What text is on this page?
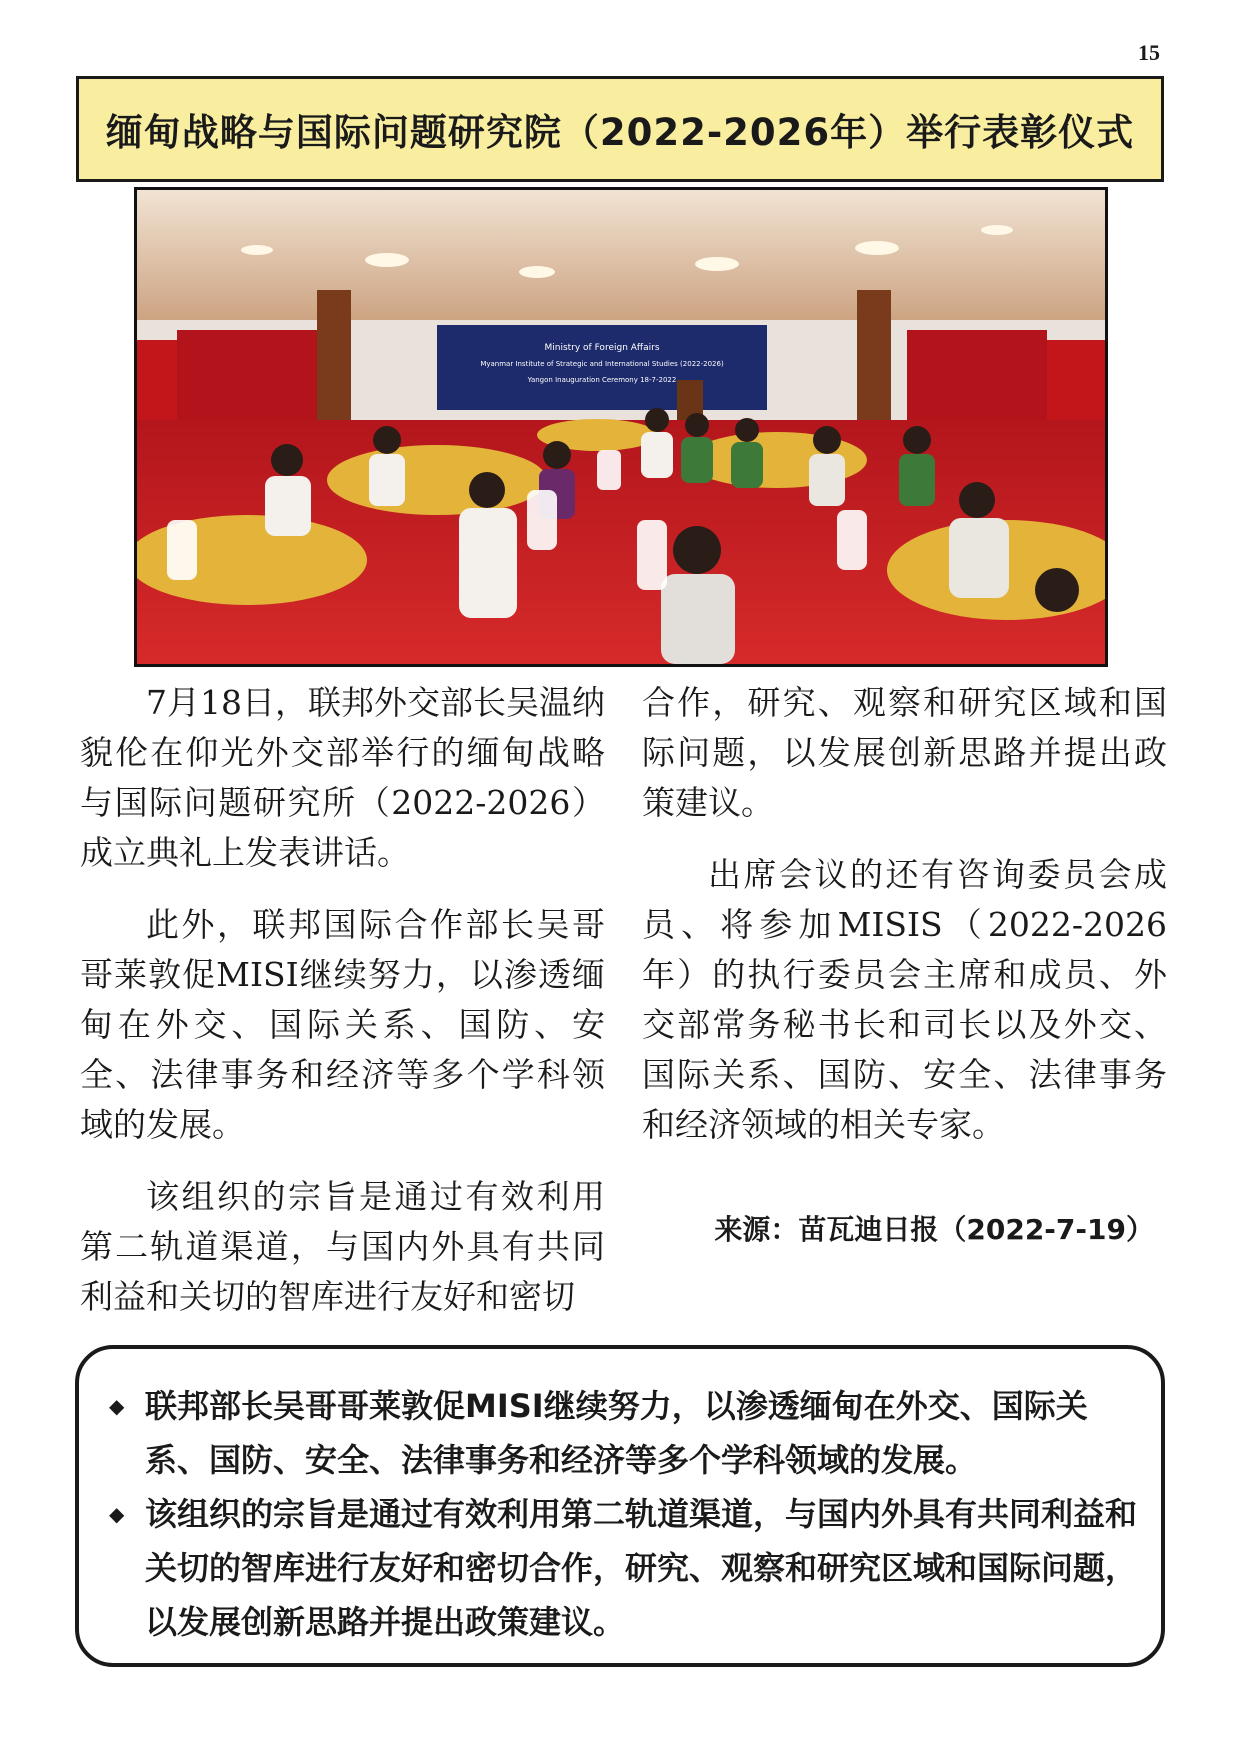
15
缅甸战略与国际问题研究院（2022-2026年）举行表彰仪式
Ministry of Foreign Affairs
Myanmar Institute of Strategic and International Studies (2022-2026)
Yangon Inauguration Ceremony 18-7-2022

7月18日，联邦外交部长吴温纳貌伦在仰光外交部举行的缅甸战略与国际问题研究所（2022-2026）成立典礼上发表讲话。

此外，联邦国际合作部长吴哥哥莱敦促MISI继续努力，以渗透缅甸在外交、国际关系、国防、安全、法律事务和经济等多个学科领域的发展。

该组织的宗旨是通过有效利用第二轨道渠道，与国内外具有共同利益和关切的智库进行友好和密切

合作，研究、观察和研究区域和国际问题，以发展创新思路并提出政策建议。

出席会议的还有咨询委员会成员、将参加MISIS（2022-2026年）的执行委员会主席和成员、外交部常务秘书长和司长以及外交、国际关系、国防、安全、法律事务和经济领域的相关专家。

来源：苗瓦迪日报（2022-7-19）
◆ 联邦部长吴哥哥莱敦促MISI继续努力，以渗透缅甸在外交、国际关系、国防、安全、法律事务和经济等多个学科领域的发展。
◆ 该组织的宗旨是通过有效利用第二轨道渠道，与国内外具有共同利益和关切的智库进行友好和密切合作，研究、观察和研究区域和国际问题，以发展创新思路并提出政策建议。
